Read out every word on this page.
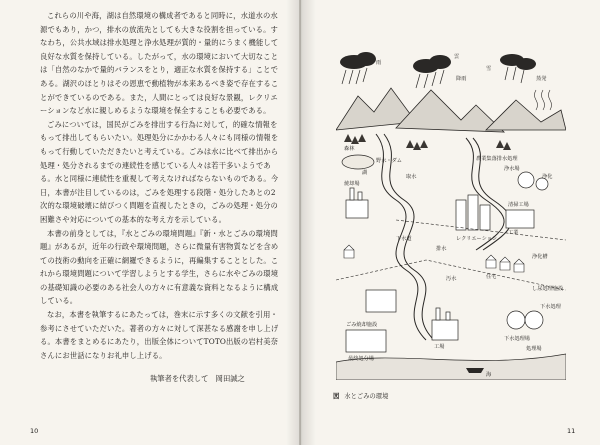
これらの川や海，湖は自然環境の構成者であると同時に，水道水の水源でもあり，かつ，排水の放流先としても大きな役割を担っている。すなわち，公共水域は排水処理と浄水処理が質的・量的にうまく機能して良好な水質を保持している。したがって，水の環境において大切なことは「自然のなかで量的バランスをとり，適正な水質を保持する」ことである。湖沢のほとりはその恩恵で動植物が本来あるべき姿で存在することができているのである。また，人間にとっては良好な景観，レクリエーションなど水に親しめるような環境を保全することも必要である。

ごみについては，国民がごみを排出する行為に対して，的確な情報をもって排出してもらいたい。処理処分にかかわる人々にも同様の情報をもって行動していただきたいと考えている。ごみは水に比べて排出から処理・処分されるまでの連続性を感じている人々は若干多いようである。水と同様に連続性を重視して考えなければならないものである。今日，本書が注目しているのは，ごみを処理する段階・処分したあとの2次的な環境破壊に結びつく問題を直視したときの，ごみの処理・処分の困難さや対応についての基本的な考え方を示している。

本書の前身としては，『水とごみの環境問題』『新・水とごみの環境問題』があるが，近年の行政や環境問題，さらに微量有害物質などを含めての技術の動向を正確に網羅できるように，再編集することとした。これから環境問題について学習しようとする学生，さらに水やごみの環境の基礎知識の必要のある社会人の方々に有意義な資料となるように構成している。

なお，本書を執筆するにあたっては，巻末に示す多くの文献を引用・参考にさせていただいた。著者の方々に対して深甚なる感謝を申し上げる。本書をまとめるにあたり，出版全体についてTOTO出版の岩村美奈さんにお世話になりお礼申し上げる。

執筆者を代表して　岡田誠之
10
雨
雲
蒸発
降雨
雪
野水・ダム
取水
排水
森林
農業集落排水処理
浄水場
下水道
下水処理場
清掃工場
焼却場
浄化槽
汚水
し尿処理施設
レクリエーション
工場
ごみ焼却施設
最終処分場
湖
海
浄化
工業
住宅
下水処理
処理場
図 水とごみの環境
11
